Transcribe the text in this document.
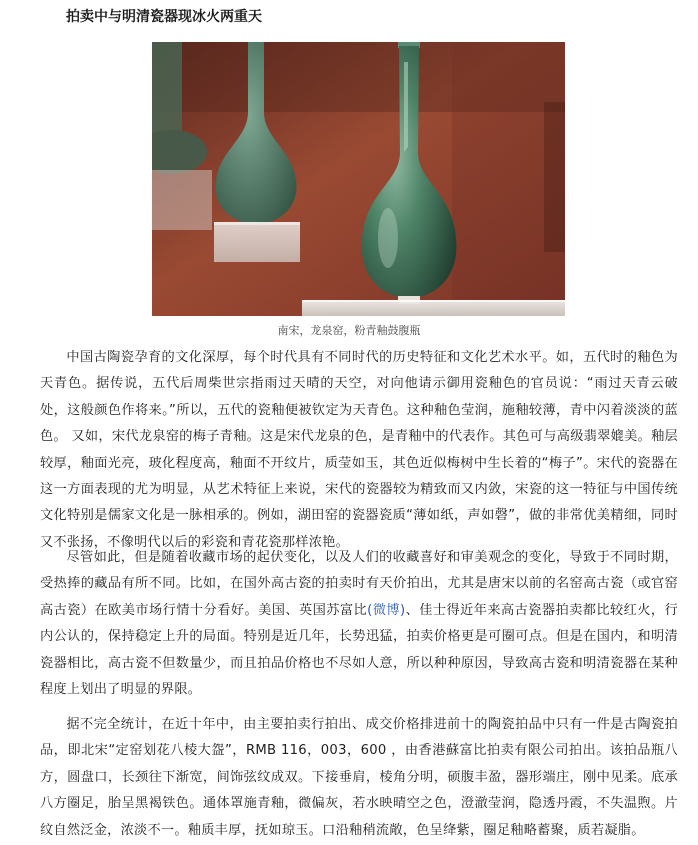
拍卖中与明清瓷器现冰火两重天
南宋，龙泉窑，粉青釉鼓腹瓶

中国古陶瓷孕育的文化深厚，每个时代具有不同时代的历史特征和文化艺术水平。如，五代时的釉色为天青色。据传说，五代后周柴世宗指雨过天晴的天空，对向他请示御用瓷釉色的官员说：“雨过天青云破处，这般颜色作将来。”所以，五代的瓷釉便被钦定为天青色。这种釉色莹润，施釉较薄，青中闪着淡淡的蓝色。 又如，宋代龙泉窑的梅子青釉。这是宋代龙泉的色，是青釉中的代表作。其色可与高级翡翠媲美。釉层较厚，釉面光亮，玻化程度高，釉面不开纹片，质莹如玉，其色近似梅树中生长着的“梅子”。宋代的瓷器在这一方面表现的尤为明显，从艺术特征上来说，宋代的瓷器较为精致而又内敛，宋瓷的这一特征与中国传统文化特别是儒家文化是一脉相承的。例如，湖田窑的瓷器瓷质“薄如纸，声如磬”，做的非常优美精细，同时又不张扬，不像明代以后的彩瓷和青花瓷那样浓艳。

尽管如此，但是随着收藏市场的起伏变化，以及人们的收藏喜好和审美观念的变化，导致于不同时期，受热捧的藏品有所不同。比如，在国外高古瓷的拍卖时有天价拍出，尤其是唐宋以前的名窑高古瓷（或官窑高古瓷）在欧美市场行情十分看好。美国、英国苏富比(微博)、佳士得近年来高古瓷器拍卖都比较红火，行内公认的，保持稳定上升的局面。特别是近几年，长势迅猛，拍卖价格更是可圈可点。但是在国内，和明清瓷器相比，高古瓷不但数量少，而且拍品价格也不尽如人意，所以种种原因，导致高古瓷和明清瓷器在某种程度上划出了明显的界限。

据不完全统计，在近十年中，由主要拍卖行拍出、成交价格排进前十的陶瓷拍品中只有一件是古陶瓷拍品，即北宋“定窑划花八棱大盌”，RMB 116，003，600 ，由香港蘇富比拍卖有限公司拍出。该拍品瓶八方，圆盘口，长颈往下渐宽，间饰弦纹成双。下接垂肩，棱角分明，硕腹丰盈，器形端庄，刚中见柔。底承八方圈足，胎呈黑褐铁色。通体罩施青釉，微偏灰，若水映晴空之色，澄澈莹润，隐透丹霞，不失温煦。片纹自然泛金，浓淡不一。釉质丰厚，抚如琼玉。口沿釉稍流敞，色呈绛紫，圈足釉略蓄聚，质若凝脂。
